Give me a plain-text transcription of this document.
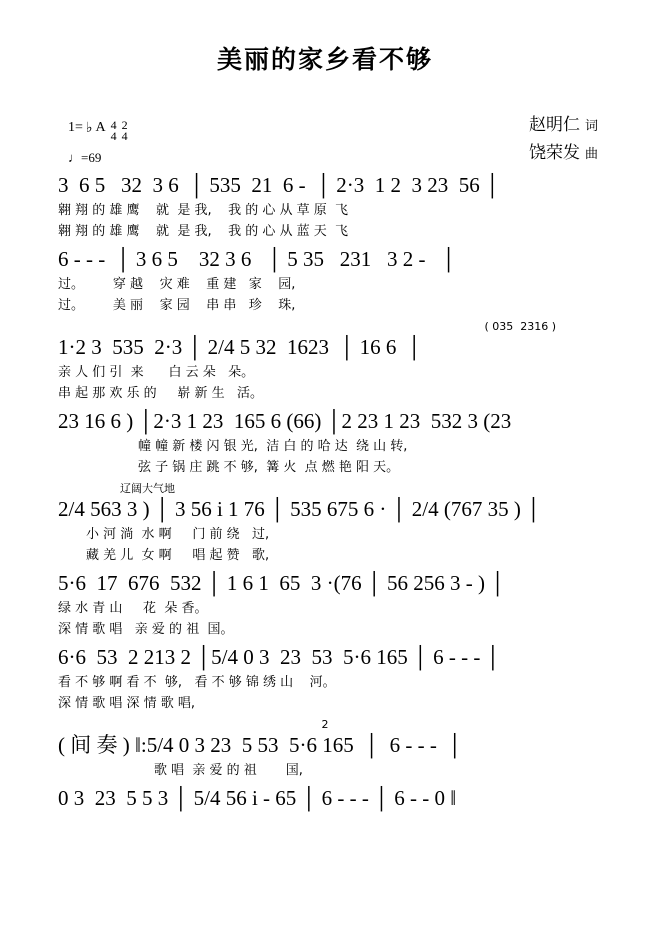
美丽的家乡看不够
赵明仁 词
饶荣发 曲
1= ♭ A 4
4
2
4
♩=69
3  6 5   32  3 6  │ 535  21  6 -  │ 2·3  1 2  3 23  56 │
翱 翔 的 雄 鹰    就  是 我,    我 的 心 从 草 原  飞
翱 翔 的 雄 鹰    就  是 我,    我 的 心 从 蓝 天  飞
6 - - -  │ 3 6 5    32 3 6   │ 5 35   231   3 2 -   │
过。       穿 越    灾 难    重 建   家    园,
过。       美 丽    家 园    串 串   珍    珠,
( 035  2316 )
1·2 3  535  2·3 │ 2/4 5 32  1623  │ 16 6  │
亲 人 们 引  来      白 云 朵   朵。
串 起 那 欢 乐 的     崭 新 生   活。
23 16 6 ) │2·3 1 23  165 6 (66) │2 23 1 23  532 3 (23
幢 幢 新 楼 闪 银 光,  洁 白 的 哈 达  绕 山 转,
弦 子 锅 庄 跳 不 够,  篝 火  点 燃 艳 阳 天。
辽阔大气地
2/4 563 3 ) │ 3 56 i 1 76 │ 535 675 6 · │ 2/4 (767 35 ) │
小 河 淌  水 啊     门 前 绕   过,
藏 羌 儿  女 啊     唱 起 赞   歌,
5·6  17  676  532 │ 1 6 1  65  3 ·(76 │ 56 256 3 - ) │
绿 水 青 山     花  朵 香。
深 情 歌 唱   亲 爱 的 祖  国。
6·6  53  2 213 2 │5/4 0 3  23  53  5·6 165 │ 6 - - - │
看 不 够 啊 看 不  够,   看 不 够 锦 绣 山    河。
深 情 歌 唱 深 情 歌 唱,
2
( 间 奏 ) ‖:5/4 0 3 23  5 53  5·6 165  │  6 - - -  │
歌 唱  亲 爱 的 祖       国,
0 3  23  5 5 3 │ 5/4 56 i - 65 │ 6 - - - │ 6 - - 0 ‖
